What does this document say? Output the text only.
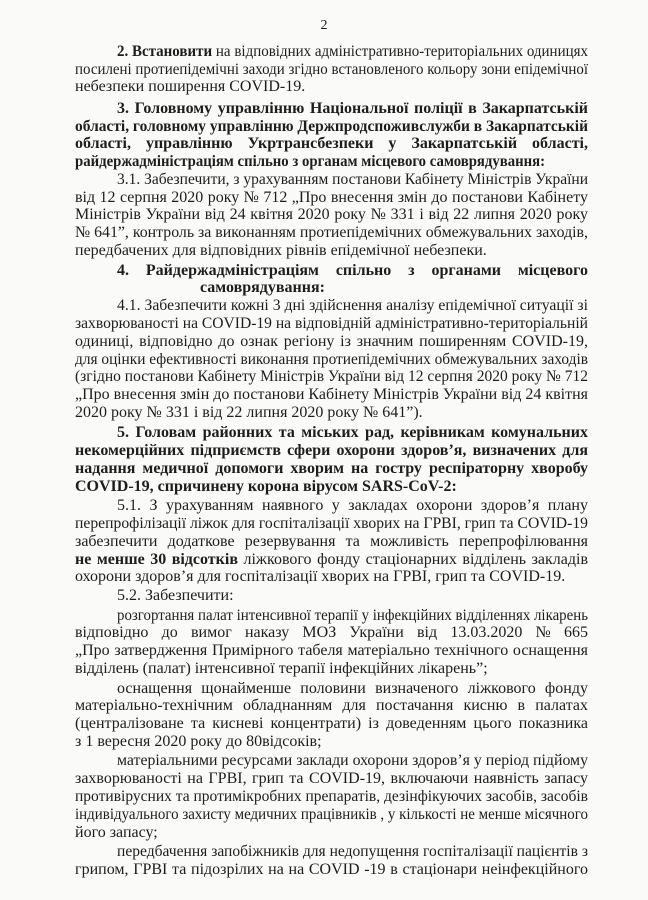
2
2. Встановити на відповідних адміністративно-територіальних одиницях
посилені протиепідемічні заходи згідно встановленого кольору зони епідемічної
небезпеки поширення COVID-19.
3. Головному управлінню Національної поліції в Закарпатській
області, головному управлінню Держпродспоживслужби в Закарпатській
області, управлінню Укртрансбезпеки у Закарпатській області,
райдержадміністраціям спільно з органам місцевого самоврядування:
3.1. Забезпечити, з урахуванням постанови Кабінету Міністрів України
від 12 серпня 2020 року № 712 „Про внесення змін до постанови Кабінету
Міністрів України від 24 квітня 2020 року № 331 і від 22 липня 2020 року
№ 641”, контроль за виконанням протиепідемічних обмежувальних заходів,
передбачених для відповідних рівнів епідемічної небезпеки.
4. Райдержадміністраціям спільно з органами місцевого
самоврядування:
4.1. Забезпечити кожні 3 дні здійснення аналізу епідемічної ситуації зі
захворюваності на COVID-19 на відповідній адміністративно-територіальній
одиниці, відповідно до ознак регіону із значним поширенням COVID-19,
для оцінки ефективності виконання протиепідемічних обмежувальних заходів
(згідно постанови Кабінету Міністрів України від 12 серпня 2020 року № 712
„Про внесення змін до постанови Кабінету Міністрів України від 24 квітня
2020 року № 331 і від 22 липня 2020 року № 641”).
5. Головам районних та міських рад, керівникам комунальних
некомерційних підприємств сфери охорони здоров’я, визначених для
надання медичної допомоги хворим на гостру респіраторну хворобу
COVID-19, спричинену корона вірусом SARS-CoV-2:
5.1. З урахуванням наявного у закладах охорони здоров’я плану
перепрофілізації ліжок для госпіталізації хворих на ГРВІ, грип та COVID-19
забезпечити додаткове резервування та можливість перепрофілювання
не менше 30 відсотків ліжкового фонду стаціонарних відділень закладів
охорони здоров’я для госпіталізації хворих на ГРВІ, грип та COVID-19.
5.2. Забезпечити:
розгортання палат інтенсивної терапії у інфекційних відділеннях лікарень
відповідно до вимог наказу МОЗ України від 13.03.2020 № 665
„Про затвердження Примірного табеля матеріально технічного оснащення
відділень (палат) інтенсивної терапії інфекційних лікарень”;
оснащення щонайменше половини визначеного ліжкового фонду
матеріально-технічним обладнанням для постачання кисню в палатах
(централізоване та кисневі концентрати) із доведенням цього показника
з 1 вересня 2020 року до 80відсоків;
матеріальними ресурсами заклади охорони здоров’я у період підйому
захворюваності на ГРВІ, грип та COVID-19, включаючи наявність запасу
противірусних та протимікробних препаратів, дезінфікуючих засобів, засобів
індивідуального захисту медичних працівників , у кількості не менше місячного
його запасу;
передбачення запобіжників для недопущення госпіталізації пацієнтів з
грипом, ГРВІ та підозрілих на на COVID -19 в стаціонари неінфекційного
